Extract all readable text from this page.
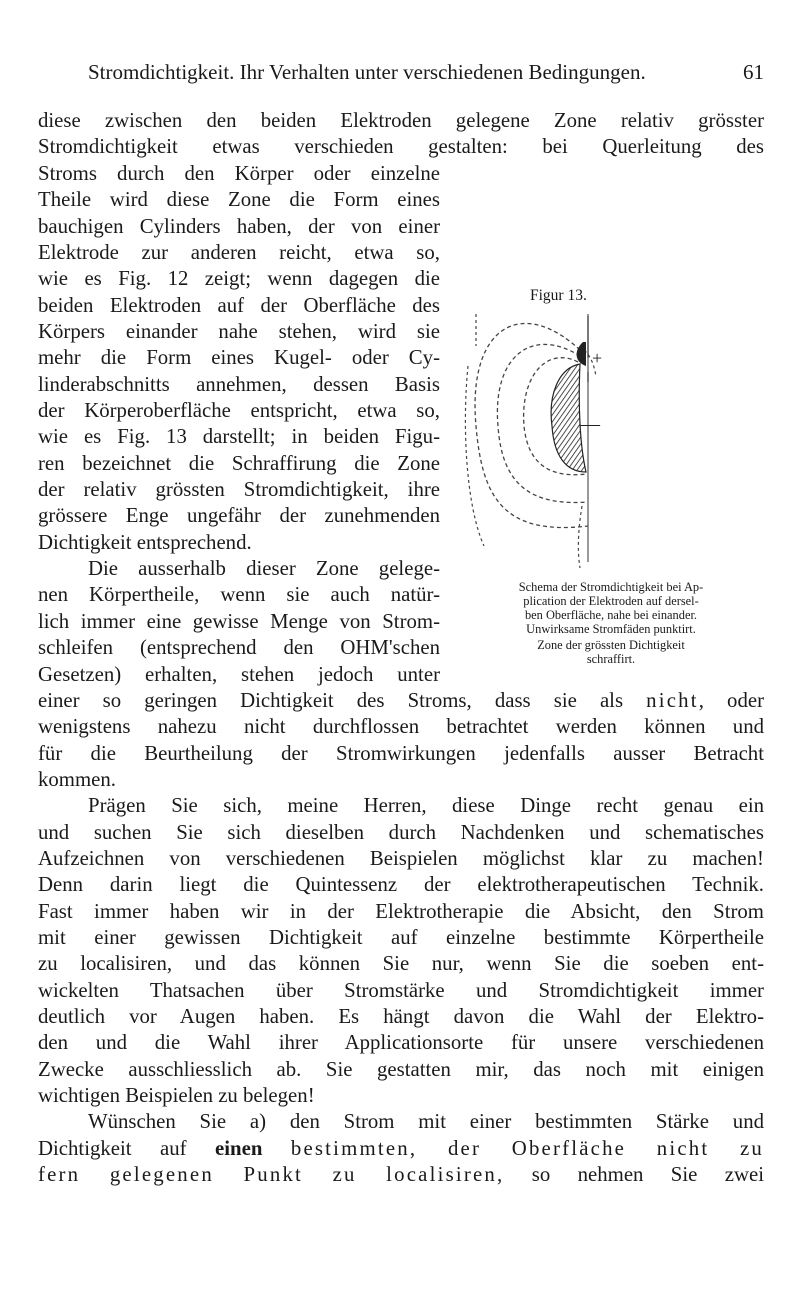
Stromdichtigkeit. Ihr Verhalten unter verschiedenen Bedingungen.	61
diese zwischen den beiden Elektroden gelegene Zone relativ grösster
Stromdichtigkeit etwas verschieden gestalten: bei Querleitung des
Stroms durch den Körper oder einzelne
Theile wird diese Zone die Form eines
bauchigen Cylinders haben, der von einer
Elektrode zur anderen reicht, etwa so,
wie es Fig. 12 zeigt; wenn dagegen die
beiden Elektroden auf der Oberfläche des
Körpers einander nahe stehen, wird sie
mehr die Form eines Kugel- oder Cy-
linderabschnitts annehmen, dessen Basis
der Körperoberfläche entspricht, etwa so,
wie es Fig. 13 darstellt; in beiden Figu-
ren bezeichnet die Schraffirung die Zone
der relativ grössten Stromdichtigkeit, ihre
grössere Enge ungefähr der zunehmenden
Dichtigkeit entsprechend.
Die ausserhalb dieser Zone gelege-
nen Körpertheile, wenn sie auch natür-
lich immer eine gewisse Menge von Strom-
schleifen (entsprechend den OHM'schen
Gesetzen) erhalten, stehen jedoch unter
einer so geringen Dichtigkeit des Stroms, dass sie als nicht, oder
wenigstens nahezu nicht durchflossen betrachtet werden können und
für die Beurtheilung der Stromwirkungen jedenfalls ausser Betracht
kommen.
Prägen Sie sich, meine Herren, diese Dinge recht genau ein
und suchen Sie sich dieselben durch Nachdenken und schematisches
Aufzeichnen von verschiedenen Beispielen möglichst klar zu machen!
Denn darin liegt die Quintessenz der elektrotherapeutischen Technik.
Fast immer haben wir in der Elektrotherapie die Absicht, den Strom
mit einer gewissen Dichtigkeit auf einzelne bestimmte Körpertheile
zu localisiren, und das können Sie nur, wenn Sie die soeben ent-
wickelten Thatsachen über Stromstärke und Stromdichtigkeit immer
deutlich vor Augen haben. Es hängt davon die Wahl der Elektro-
den und die Wahl ihrer Applicationsorte für unsere verschiedenen
Zwecke ausschliesslich ab. Sie gestatten mir, das noch mit einigen
wichtigen Beispielen zu belegen!
Wünschen Sie a) den Strom mit einer bestimmten Stärke und
Dichtigkeit auf einen bestimmten, der Oberfläche nicht zu
fern gelegenen Punkt zu localisiren, so nehmen Sie zwei
Figur 13.
+
—
Schema der Stromdichtigkeit bei Ap-
plication der Elektroden auf dersel-
ben Oberfläche, nahe bei einander.
Unwirksame Stromfäden punktirt.
Zone der grössten Dichtigkeit
schraffirt.
